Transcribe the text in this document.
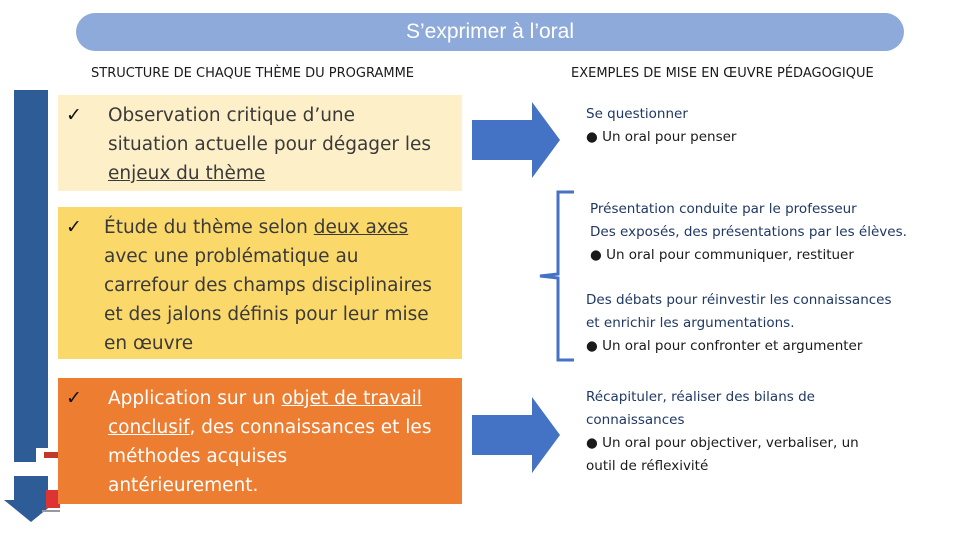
S’exprimer à l’oral
STRUCTURE DE CHAQUE THÈME DU PROGRAMME	EXEMPLES DE MISE EN ŒUVRE PÉDAGOGIQUE
✓ Observation critique d’une
situation actuelle pour dégager les
enjeux du thème
✓ Étude du thème selon deux axes
avec une problématique au
carrefour des champs disciplinaires
et des jalons définis pour leur mise
en œuvre
✓ Application sur un objet de travail
conclusif, des connaissances et les
méthodes acquises
antérieurement.
Se questionner
● Un oral pour penser
Présentation conduite par le professeur
Des exposés, des présentations par les élèves.
● Un oral pour communiquer, restituer
Des débats pour réinvestir les connaissances
et enrichir les argumentations.
● Un oral pour confronter et argumenter
Récapituler, réaliser des bilans de
connaissances
● Un oral pour objectiver, verbaliser, un
outil de réflexivité
